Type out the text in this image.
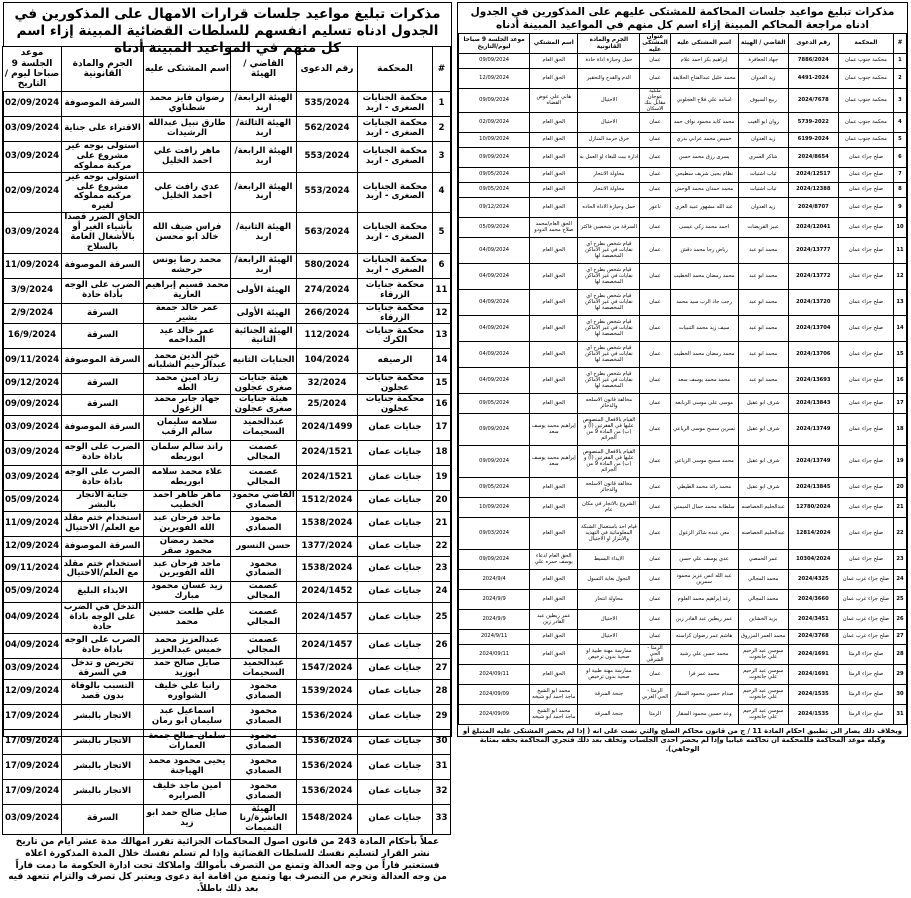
مذكرات تبليغ مواعيد جلسات قرارات الامهال على المذكورين في الجدول ادناه تسليم انفسهم للسلطات القضائية المبينة إزاء اسم كل منهم في المواعيد المبينة أدناه
#	المحكمة	رقم الدعوى	القاضي / الهيئة	اسم المشتكى عليه	الجرم والمادة القانونية	موعد الجلسة 9 صباحا ليوم / التاريخ
1	محكمة الجنايات الصغرى - اربد	535/2024	الهيئة الرابعة/ اربد	رضوان فايز محمد شطناوي	السرقة الموصوفة	02/09/2024
2	محكمة الجنايات الصغرى - اربد	562/2024	الهيئة الثالثة/ اربد	طارق نبيل عبدالله الرشيدات	الاقتراء على جناية	03/09/2024
3	محكمة الجنايات الصغرى - اربد	553/2024	الهيئة الرابعة/ اربد	ماهر رافت علي احمد الخليل	استولى بوجه غير مشروع على مركبة مملوكه	03/09/2024
4	محكمة الجنايات الصغرى - اربد	553/2024	الهيئة الرابعة/ اربد	عدي رافت علي احمد الخليل	استولى بوجه غير مشروع على مركبه مملوكه لغيره	02/09/2024
5	محكمة الجنايات الصغرى - اربد	563/2024	الهيئة الثانية/ اربد	فراس ضيف الله خالد ابو محسن	الحاق الضرر قصدا بأشياء الغير أو بالأشغال العامة بالسلاح	03/09/2024
6	محكمة الجنايات الصغرى - اربد	580/2024	الهيئة الرابعة/ اربد	محمد رضا يونس حرحشه	السرقة الموصوفة	11/09/2024
11	محكمة جنايات الزرقاء	274/2024	الهيئة الأولى	محمد قسيم إبراهيم العارية	الضرب على الوجه بأداة حادة	3/9/2024
12	محكمة جنايات الزرقاء	266/2024	الهيئة الأولى	عمر خالد جمعة بشير	السرقة	2/9/2024
13	محكمة جنايات الكرك	112/2024	الهيئة الجنائية الثانية	عمر خالد عيد المداحمه	السرقة	16/9/2024
14	الرصيفه	104/2024	الجنايات الثانيه	خير الدين محمد عبدالرحيم الشلبانه	السرقة الموصوفة	09/11/2024
15	محكمة جنايات عجلون	32/2024	هيئة جنايات صغرى عجلون	زياد امين محمد الطه	السرقة	09/12/2024
16	محكمة جنايات عجلون	25/2024	هيئة جنايات صغرى عجلون	جهاد جابر محمد الزغول	السرقة	09/09/2024
17	جنايات عمان	2024/1499	عبدالحميد السحيمات	سلامه سليمان سالم الرقب	السرقة الموصوفة	03/09/2024
18	جنايات عمان	2024/1521	عصمت المجالي	راند سالم سلمان ابوريطه	الضرب على الوجه باداة حادة	03/09/2024
19	جنايات عمان	2024/1521	عصمت المجالي	علاء محمد سلامه ابوريطه	الضرب على الوجه باداة حادة	03/09/2024
20	جنايات عمان	1512/2024	القاضي محمود الصمادي	ماهر ظاهر احمد الخطيب	جناية الاتجار بالبشر	05/09/2024
21	جنايات عمان	1538/2024	محمود الصمادي	ماجد فرحان عبد الله الفويرين	استخدام ختم مقلد مع العلم/ الاحتيال	11/09/2024
22	جنايات عمان	1377/2024	حسن النسور	محمد رمضان محمود صقر	السرقة الموصوفة	12/09/2024
23	جنايات عمان	1538/2024	محمود الصمادي	ماجد فرحان عبد الله الفويرين	استخدام ختم مقلد مع العلم/الاحتيال	09/11/2024
24	جنايات عمان	2024/1452	عصمت المجالي	زيد غسان محمود مبارك	الايذاء البليغ	05/09/2024
25	جنايات عمان	2024/1457	عصمت المجالي	علي طلعت حسين محمد	التدخل في الضرب على الوجه باداة حادة	04/09/2024
26	جنايات عمان	2024/1457	عصمت المجالي	عبدالعزيز محمد خميس عبدالعزيز	الضرب على الوجه باداة حادة	04/09/2024
27	جنايات عمان	1547/2024	عبدالحميد السحيمات	صايل صالح حمد ابوزيد	تحريض و تدخل في السرقة	03/09/2024
28	جنايات عمان	1539/2024	محمود الصمادي	رانيا علي خليف الشواوره	التسبب بالوفاة بدون قصد	12/09/2024
29	جنايات عمان	1536/2024	محمود الصمادي	اسماعيل عبد سليمان ابو رمان	الاتجار بالبشر	17/09/2024
30	جنايات عمان	1536/2024	محمود الصمادي	سلمان صالح جمعة العمارات	الاتجار بالبشر	17/09/2024
31	جنايات عمان	1536/2024	محمود الصمادي	يحيى محمود محمد الهياجنة	الاتجار بالبشر	17/09/2024
32	جنايات عمان	1536/2024	محمود الصمادي	امين ماجد خليف الصرايره	الاتجار بالبشر	17/09/2024
33	جنايات عمان	1548/2024	الهيئة العاشرة/رنا التميمات	صايل صالح حمد ابو زيد	السرقة	03/09/2024
عملاً بأحكام المادة 243 من قانون اصول المحاكمات الجزائية تقرر امهالك مدة عشر ايام من تاريخ نشر القرار لتسليم نفسك للسلطات القضائية وإذا لم تسلم نفسك خلال المدة المذكورة اعلاه فستعتبر فاراً من وجه العدالة وتمنع من التصرف بأموالك واملاكك تحت ادارة الحكومة ما دمت فاراً من وجه العدالة وتحرم من التصرف بها وتمنع من اقامة اية دعوى ويعتبر كل تصرف والتزام تتعهد فيه بعد ذلك باطلاً.
مذكرات تبليغ مواعيد جلسات المحاكمة للمشتكى عليهم على المذكورين في الجدول ادناه مراجعة المحاكم المبينة إزاء اسم كل منهم في المواعيد المبينة أدناه
#	المحكمة	رقم الدعوى	القاضي / الهيئة	اسم المشتكى عليه	عنوان المشتكى عليه	الجرم والمادة القانونية	اسم المشتكي	موعد الجلسة 9 صباحا ليوم/التاريخ
1	محكمة جنوب عمان	7886/2024	جهاد الجعافرة	إبراهيم بكر احمد علام	عمان	حمل وحيازة اداة حادة	الحق العام	09/09/2024
2	محكمة جنوب عمان	4491-2024	زيد العدوان	محمد خليل عبدالفتاح الحلايقة	عمان	الذم والقدح والتحقير	الحق العام	12/09/2024
3	محكمة جنوب عمان	2024/7678	ربيع السيوف	اسامه علي فلاح العجلوني	ملكية عوجان مقابل بنك الاسكان	الاحتيال	هاني علي عوض القضاه	09/09/2024
4	محكمة جنوب عمان	5739-2022	روان ابو الغيب	محمد كايد محمود نواف حمد	عمان	الاحتيال	الحق العام	02/09/2024
5	محكمة جنوب عمان	6199-2024	زيد العدوان	خميس محمد عرابي بدري	عمان	خرق حرمة المنازل	الحق العام	10/09/2024
6	صلح جزاء عمان	2024/8654	شاكر العمري	يسرى رزق محمد حسن	عمان	ادارة بيت للبغاء او العمل به	الحق العام	09/09/2024
7	صلح جزاء عمان	2024/12517	ثياب اشتيات	نظام يحيى شريف سطيحي	عمان	محاولة الانتحار	الحق العام	09/05/2024
8	صلح جزاء عمان	2024/12388	ثياب اشتيات	محمد حمدان محمد الوحش	عمان	محاولة الانتحار	الحق العام	09/05/2024
9	صلح جزاء عمان	2024/8707	زيد العدوان	عبد الله مشهور عبيد العزي	ناعور	حمل وحيازة الاداة الحاده	الحق العام	09/12/2024
10	صلح جزاء عمان	2024/12041	عبير القريضات	احمد محمد زكي عيسى	عمان	السرقة من شخصين فاكثر	الحق العام/محمد صلاح محمد الدودو	05/09/2024
11	صلح جزاء عمان	2024/13777	محمد ابو عبد	رياض رجا محمد دقش	عمان	قيام شخص بطرح اي نفايات في غير الاماكن المخصصة لها	الحق العام	04/09/2024
12	صلح جزاء عمان	2024/13772	محمد ابو عبد	محمد رمضان محمد الخطيب	عمان	قيام شخص بطرح اي نفايات في غير الاماكن المخصصة لها	الحق العام	04/09/2024
13	صلح جزاء عمان	2024/13720	محمد ابو عبد	رجب جاد الرب سيد محمد	عمان	قيام شخص بطرح اي نفايات في غير الاماكن المخصصة لها	الحق العام	04/09/2024
14	صلح جزاء عمان	2024/13704	محمد ابو عبد	سيف زيد محمد التنبيات	عمان	قيام شخص بطرح اي نفايات في غير الاماكن المخصصة لها	الحق العام	04/09/2024
15	صلح جزاء عمان	2024/13706	محمد ابو عبد	محمد رمضان محمد الخطيب	عمان	قيام شخص بطرح اي نفايات في غير الاماكن المخصصة لها	الحق العام	04/09/2024
16	صلح جزاء عمان	2024/13693	محمد ابو عبد	محمد محمد يوسف سعد	عمان	قيام شخص بطرح اي نفايات في غير الاماكن المخصصة لها	الحق العام	04/09/2024
17	صلح جزاء عمان	2024/13843	شرف ابو عقيل	موسى علي موسى الربابعه	عمان	مخالفة قانون الاسلحه والذخائر	الحق العام	09/05/2024
18	صلح جزاء عمان	2024/13749	شرف ابو عقيل	نسرين سميح موسى الرياعي	عمان	القيام بالافعال المنصوص عليها في الفقرتين (أ) و (ب) من المادة 9 من الجرائم	إبراهيم محمد يوسف سعد	09/09/2024
19	صلح جزاء عمان	2024/13749	شرف ابو عقيل	محمد سميح موسى الرياعي	عمان	القيام بالافعال المنصوص عليها في الفقرتين (أ) و (ب) من المادة 9 من الجرائم	إبراهيم محمد يوسف سعد	09/09/2024
20	صلح جزاء عمان	2024/13845	شرف ابو عقيل	محمد رائد محمد الطيطي	عمان	مخالفة قانون الاسلحه والذخائر	الحق العام	09/05/2024
21	صلح جزاء عمان	12780/2024	عبدالحليم الخصاصنه	سلطانه محمد جمال الميمني	عمان	الشروع بالاتجار في مكان عام	الحق العام	10/09/2024
22	صلح جزاء عمان	12814/2024	عبدالحليم الخصاصنه	معن عبده شاكر الزغول	عمان	قيام احد باستعمال الشبكة المعلوماتية في التهديد والابتزاز او الاحتيال	الحق العام	09/03/2024
23	صلح جزاء عمان	10304/2024	عمر الحمصي	عدي يوسف علي حسن	عمان	الايذاء البسيط	الحق العام /دعاء يوسف حمزه علي	09/09/2024
24	صلح جزاء غرب عمان	2024/4325	محمد المجالي	عبد الله انس عزيز محمود سمرين	عمان	التجول بغاية التسول	الحق العام	2024/9/4
25	صلح جزاء غرب عمان	2024/3660	محمد المجالي	رغد إبراهيم محمد العلوم	عمان	محاولة انتحار	الحق العام	2024/9/9
26	صلح جزاء غرب عمان	2024/3451	يزيد الخشاين	عمر ريطين عبد القادر زين	عمان	الاحتيال	عمر ريطين عبد القادر زين	2024/9/9
27	صلح جزاء غرب عمان	2024/3768	محمد العمر المزروق	هاشم عمر رضوان كراسنه	عمان	الاحتيال	الحق العام	2024/9/11
28	صلح جزاء الرمثا	2024/1691	سوسن عبد الرحيم علي جانخوت	محمد حسن علي رشيد	الرمثا - الحي الشرقي	ممارسة مهنة طبية او صحية بدون ترخيص	الحق العام	2024/09/11
29	صلح جزاء الرمثا	2024/1691	سوسن عبد الرحيم علي جانخوت	محمد عمر فرا	عمان	ممارسة مهنة طبية او صحية بدون ترخيص	الحق العام	2024/09/11
30	صلح جزاء الرمثا	2024/1535	سوسن عبد الرحيم علي جانخوت	صدام حسين محمود السقار	الرمثا - الحي الغربي	جنحة السرقة	محمد ابو الشيخ ماجد احمد ابو شيخه	2024/09/09
31	صلح جزاء الرمثا	2024/1535	سوسن عبد الرحيم علي جانخوت	وعد حسين محمود السقار	الرمثا	جنحة السرقة	محمد ابو الشيخ ماجد احمد ابو شيخه	2024/09/09
وبخلاف ذلك يصار الى تطبيق احكام المادة 11 / ج من قانون محاكم الصلح والتي نصت على انه ( إذا لم يحضر المشتكى عليه المتبلغ أو وكيله موعد المحاكمة فللمحكمة ان تحاكمه غيابيا وإذا لم يحضر احدى الجلسات وتخلف بعد ذلك فتجري المحاكمة بحقه بمثابة الوجاهي).
